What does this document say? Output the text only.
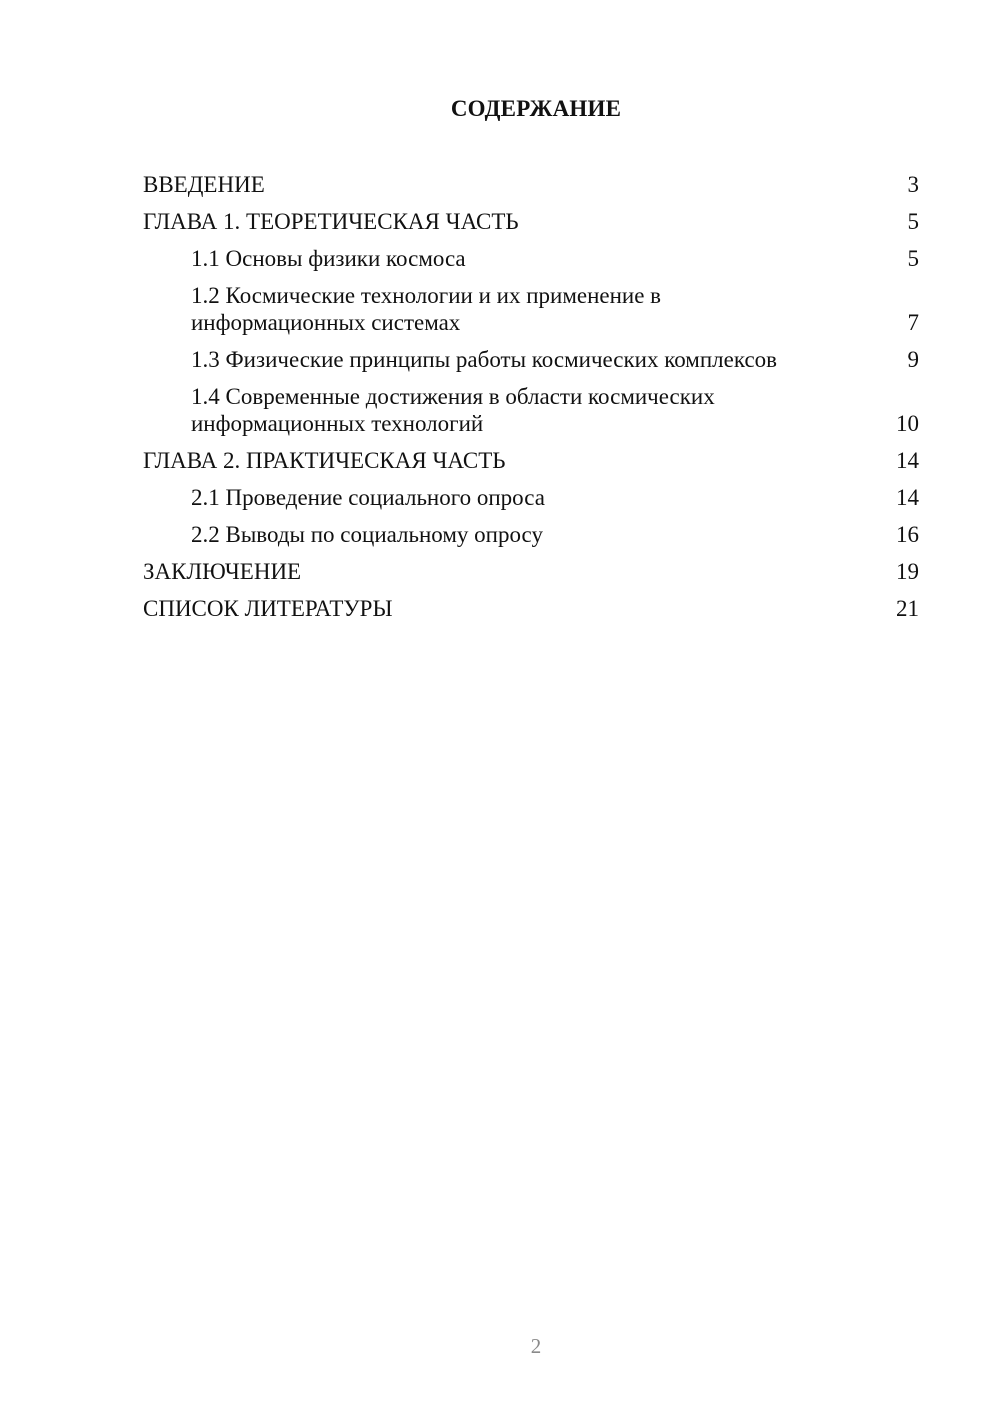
СОДЕРЖАНИЕ
ВВЕДЕНИЕ	3
ГЛАВА 1. ТЕОРЕТИЧЕСКАЯ ЧАСТЬ	5
1.1 Основы физики космоса	5
1.2 Космические технологии и их применение в информационных системах	7
1.3 Физические принципы работы космических комплексов	9
1.4 Современные достижения в области космических информационных технологий	10
ГЛАВА 2. ПРАКТИЧЕСКАЯ ЧАСТЬ	14
2.1 Проведение социального опроса	14
2.2 Выводы по социальному опросу	16
ЗАКЛЮЧЕНИЕ	19
СПИСОК ЛИТЕРАТУРЫ	21
2
